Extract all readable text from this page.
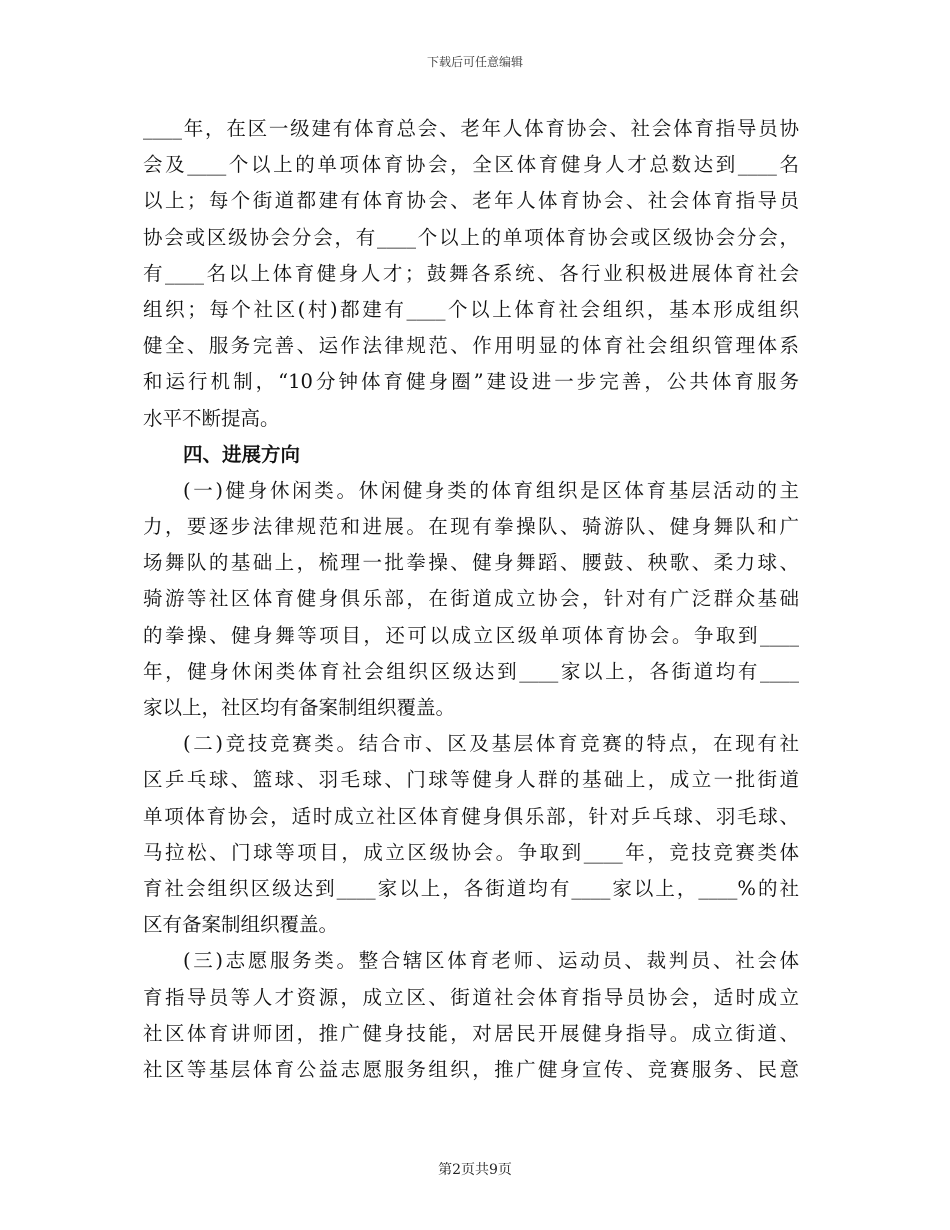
下载后可任意编辑
____年，在区一级建有体育总会、老年人体育协会、社会体育指导员协
会及____个以上的单项体育协会，全区体育健身人才总数达到____名
以上；每个街道都建有体育协会、老年人体育协会、社会体育指导员
协会或区级协会分会，有____个以上的单项体育协会或区级协会分会，
有____名以上体育健身人才；鼓舞各系统、各行业积极进展体育社会
组织；每个社区(村)都建有____个以上体育社会组织，基本形成组织
健全、服务完善、运作法律规范、作用明显的体育社会组织管理体系
和运行机制，“10分钟体育健身圈”建设进一步完善，公共体育服务
水平不断提高。
四、进展方向
(一)健身休闲类。休闲健身类的体育组织是区体育基层活动的主
力，要逐步法律规范和进展。在现有拳操队、骑游队、健身舞队和广
场舞队的基础上，梳理一批拳操、健身舞蹈、腰鼓、秧歌、柔力球、
骑游等社区体育健身俱乐部，在街道成立协会，针对有广泛群众基础
的拳操、健身舞等项目，还可以成立区级单项体育协会。争取到____
年，健身休闲类体育社会组织区级达到____家以上，各街道均有____
家以上，社区均有备案制组织覆盖。
(二)竞技竞赛类。结合市、区及基层体育竞赛的特点，在现有社
区乒乓球、篮球、羽毛球、门球等健身人群的基础上，成立一批街道
单项体育协会，适时成立社区体育健身俱乐部，针对乒乓球、羽毛球、
马拉松、门球等项目，成立区级协会。争取到____年，竞技竞赛类体
育社会组织区级达到____家以上，各街道均有____家以上，____%的社
区有备案制组织覆盖。
(三)志愿服务类。整合辖区体育老师、运动员、裁判员、社会体
育指导员等人才资源，成立区、街道社会体育指导员协会，适时成立
社区体育讲师团，推广健身技能，对居民开展健身指导。成立街道、
社区等基层体育公益志愿服务组织，推广健身宣传、竞赛服务、民意
第2页共9页
